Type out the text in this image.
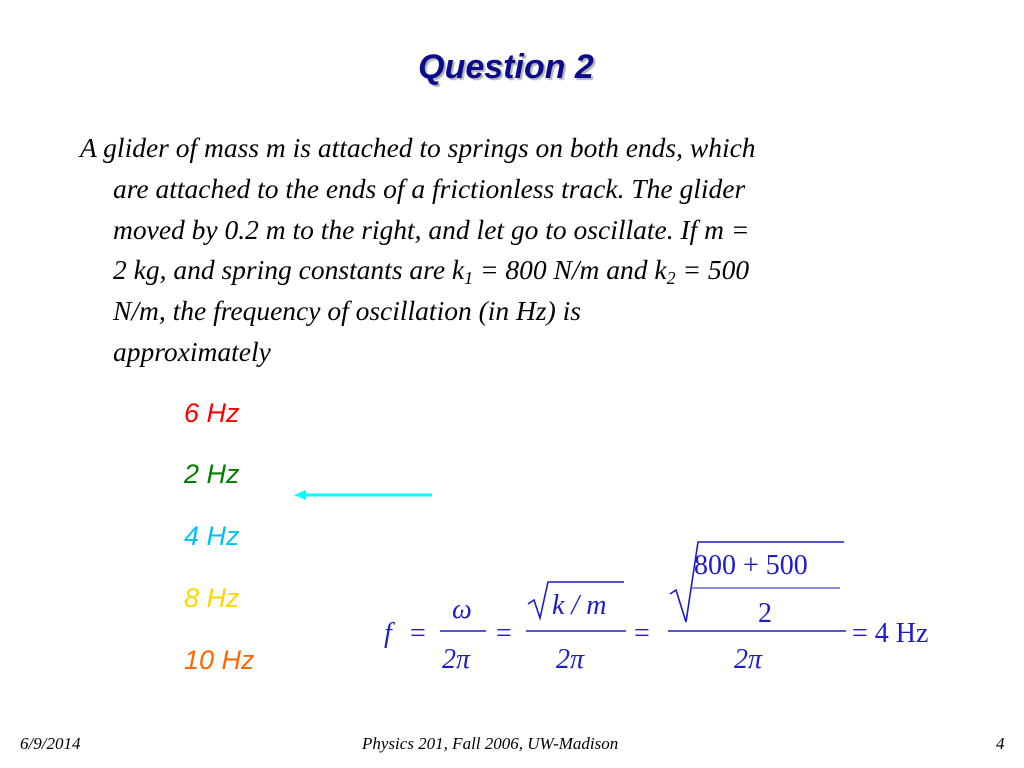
Question 2
A glider of mass m is attached to springs on both ends, which
are attached to the ends of a frictionless track. The glider
moved by 0.2 m to the right, and let go to oscillate. If m =
2 kg, and spring constants are $k_1 = 800$ N/m and $k_2 = 500$
N/m, the frequency of oscillation (in Hz) is
approximately
6 Hz
2 Hz
4 Hz
8 Hz
10 Hz
f =
ω
2π
=
k / m
2π
=
800 + 500
2
2π
= 4 Hz
6/9/2014	Physics 201, Fall 2006, UW-Madison	4
